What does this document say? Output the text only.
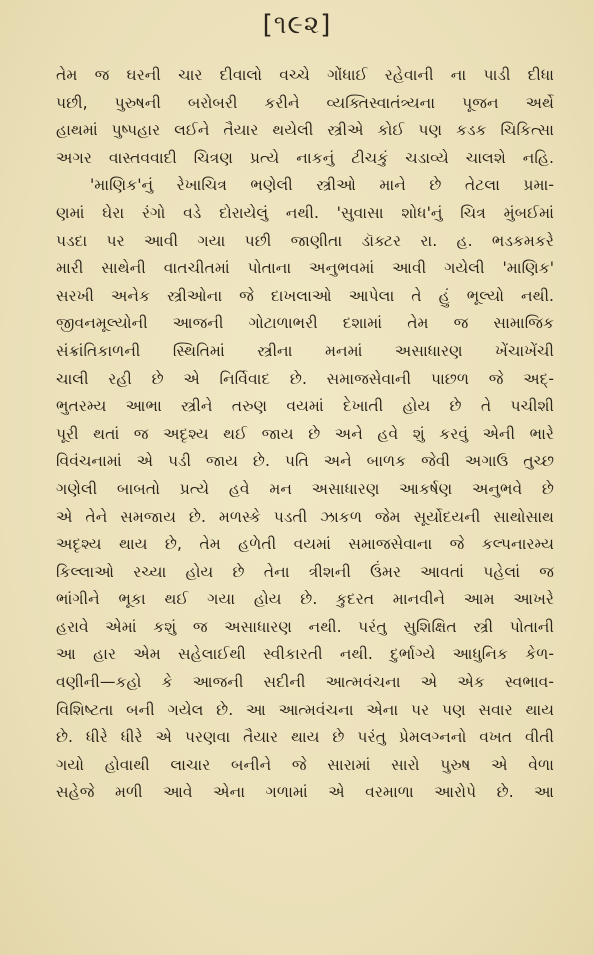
[૧૯૨]
તેમ જ ઘરની ચાર દીવાલો વચ્ચે ગોંધાઈ રહેવાની ના પાડી દીધા
પછી, પુરુષની બરોબરી કરીને વ્યક્તિસ્વાતંત્ર્યના પૂજન અર્થે
હાથમાં પુષ્પહાર લઈને તૈયાર થયેલી સ્ત્રીએ કોઈ પણ કડક ચિકિત્સા
અગર વાસ્તવવાદી ચિત્રણ પ્રત્યે નાકનું ટીચકું ચડાવ્યે ચાલશે નહિ.
'માણિક'નું રેખાચિત્ર ભણેલી સ્ત્રીઓ માને છે તેટલા પ્રમા-
ણમાં ઘેરા રંગો વડે દોરાયેલું નથી. 'સુવાસા શોધ'નું ચિત્ર મુંબઈમાં
પડદા પર આવી ગયા પછી જાણીતા ડૉક્ટર રા. હ. ભડકમકરે
મારી સાથેની વાતચીતમાં પોતાના અનુભવમાં આવી ગયેલી 'માણિક'
સરખી અનેક સ્ત્રીઓના જે દાખલાઓ આપેલા તે હું ભૂલ્યો નથી.
જીવનમૂલ્યોની આજની ગોટાળાભરી દશામાં તેમ જ સામાજિક
સંક્રાંતિકાળની સ્થિતિમાં સ્ત્રીના મનમાં અસાધારણ ખેંચાખેંચી
ચાલી રહી છે એ નિર્વિવાદ છે. સમાજસેવાની પાછળ જે અદ્-
ભુતરમ્ય આભા સ્ત્રીને તરુણ વયમાં દેખાતી હોય છે તે પચીશી
પૂરી થતાં જ અદૃશ્ય થઈ જાય છે અને હવે શું કરવું એની ભારે
વિવંચનામાં એ પડી જાય છે. પતિ અને બાળક જેવી અગાઉ તુચ્છ
ગણેલી બાબતો પ્રત્યે હવે મન અસાધારણ આકર્ષણ અનુભવે છે
એ તેને સમજાય છે. મળસ્કે પડતી ઝાકળ જેમ સૂર્યોદયની સાથોસાથ
અદૃશ્ય થાય છે, તેમ હળેતી વયમાં સમાજસેવાના જે કલ્પનારમ્ય
કિલ્લાઓ રચ્યા હોય છે તેના ત્રીશની ઉંમર આવતાં પહેલાં જ
ભાંગીને ભૂકા થઈ ગયા હોય છે. કુદરત માનવીને આમ આખરે
હરાવે એમાં કશું જ અસાધારણ નથી. પરંતુ સુશિક્ષિત સ્ત્રી પોતાની
આ હાર એમ સહેલાઈથી સ્વીકારતી નથી. દુર્ભાગ્યે આધુનિક કેળ-
વણીની—કહો કે આજની સદીની આત્મવંચના એ એક સ્વભાવ-
વિશિષ્ટતા બની ગયેલ છે. આ આત્મવંચના એના પર પણ સવાર થાય
છે. ધીરે ધીરે એ પરણવા તૈયાર થાય છે પરંતુ પ્રેમલગ્નનો વખત વીતી
ગયો હોવાથી લાચાર બનીને જે સારામાં સારો પુરુષ એ વેળા
સહેજે મળી આવે એના ગળામાં એ વરમાળા આરોપે છે. આ
